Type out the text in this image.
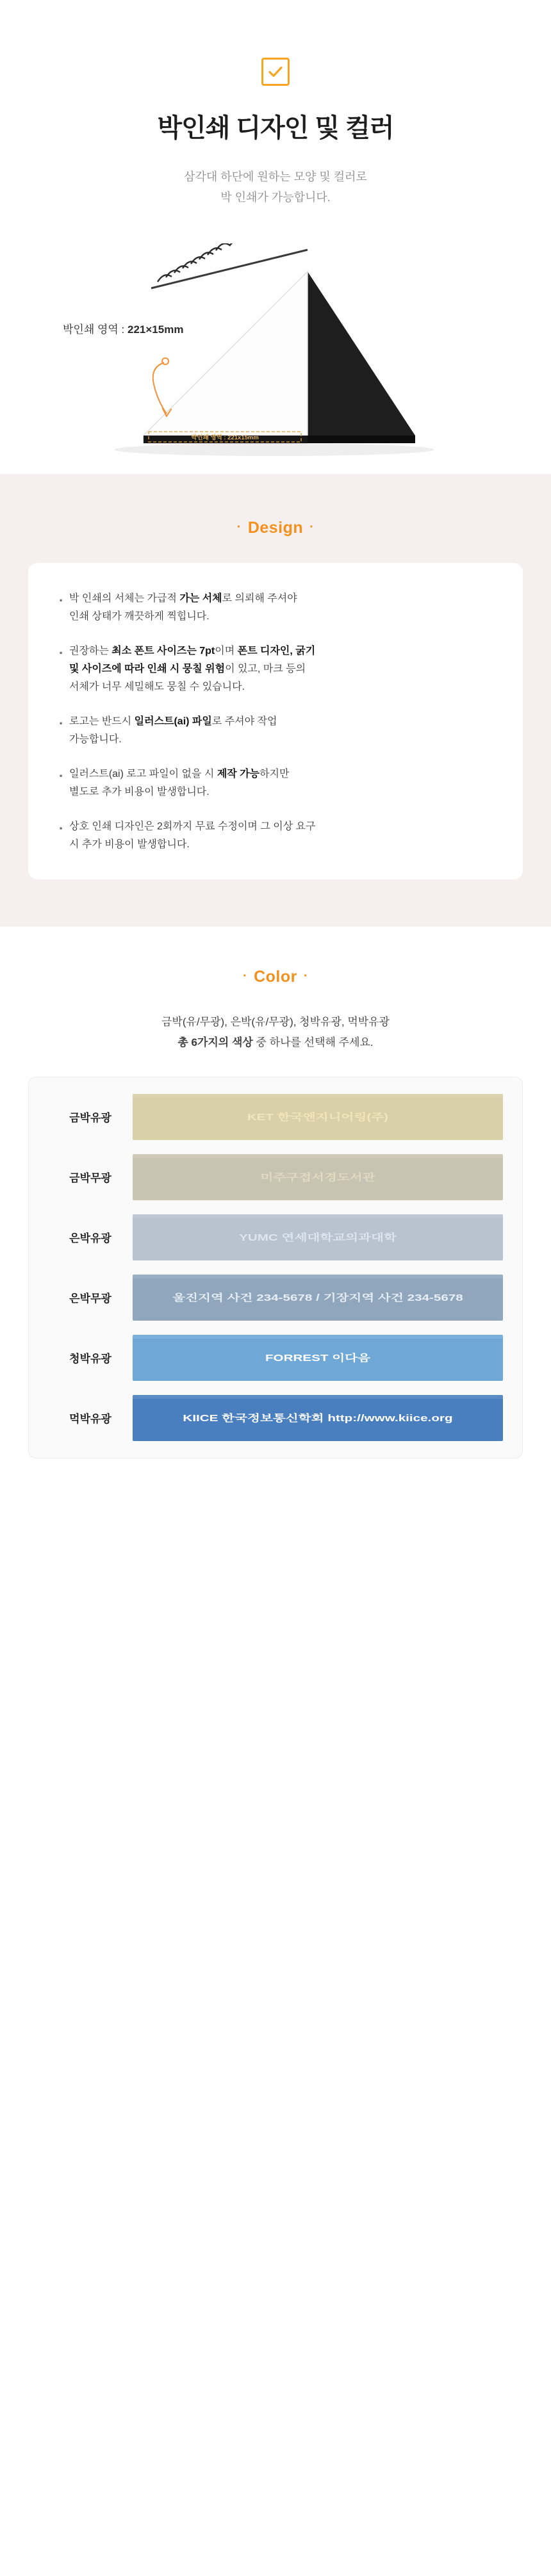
박인쇄 디자인 및 컬러

삼각대 하단에 원하는 모양 및 컬러로
박 인쇄가 가능합니다.

박인쇄 영역 : 221x15mm
박인쇄 영역 : 221×15mm
· Design ·
· 박 인쇄의 서체는 가급적 가는 서체로 의뢰해 주셔야
인쇄 상태가 깨끗하게 찍힙니다.
· 권장하는 최소 폰트 사이즈는 7pt이며 폰트 디자인, 굵기
및 사이즈에 따라 인쇄 시 뭉칠 위험이 있고, 마크 등의
서체가 너무 세밀해도 뭉칠 수 있습니다.
· 로고는 반드시 일러스트(ai) 파일로 주셔야 작업
가능합니다.
· 일러스트(ai) 로고 파일이 없을 시 제작 가능하지만
별도로 추가 비용이 발생합니다.
· 상호 인쇄 디자인은 2회까지 무료 수정이며 그 이상 요구
시 추가 비용이 발생합니다.
· Color ·
금박(유/무광), 은박(유/무광), 청박유광, 먹박유광
총 6가지의 색상 중 하나를 선택해 주세요.
금박유광	KET 한국엔지니어링(주)
금박무광	미주구접서경도서관
은박유광	YUMC 연세대학교의과대학
은박무광	울진지역 사건 234-5678 / 기장지역 사건 234-5678
청박유광	FORREST 이다음
먹박유광	KIICE 한국정보통신학회 http://www.kiice.org
